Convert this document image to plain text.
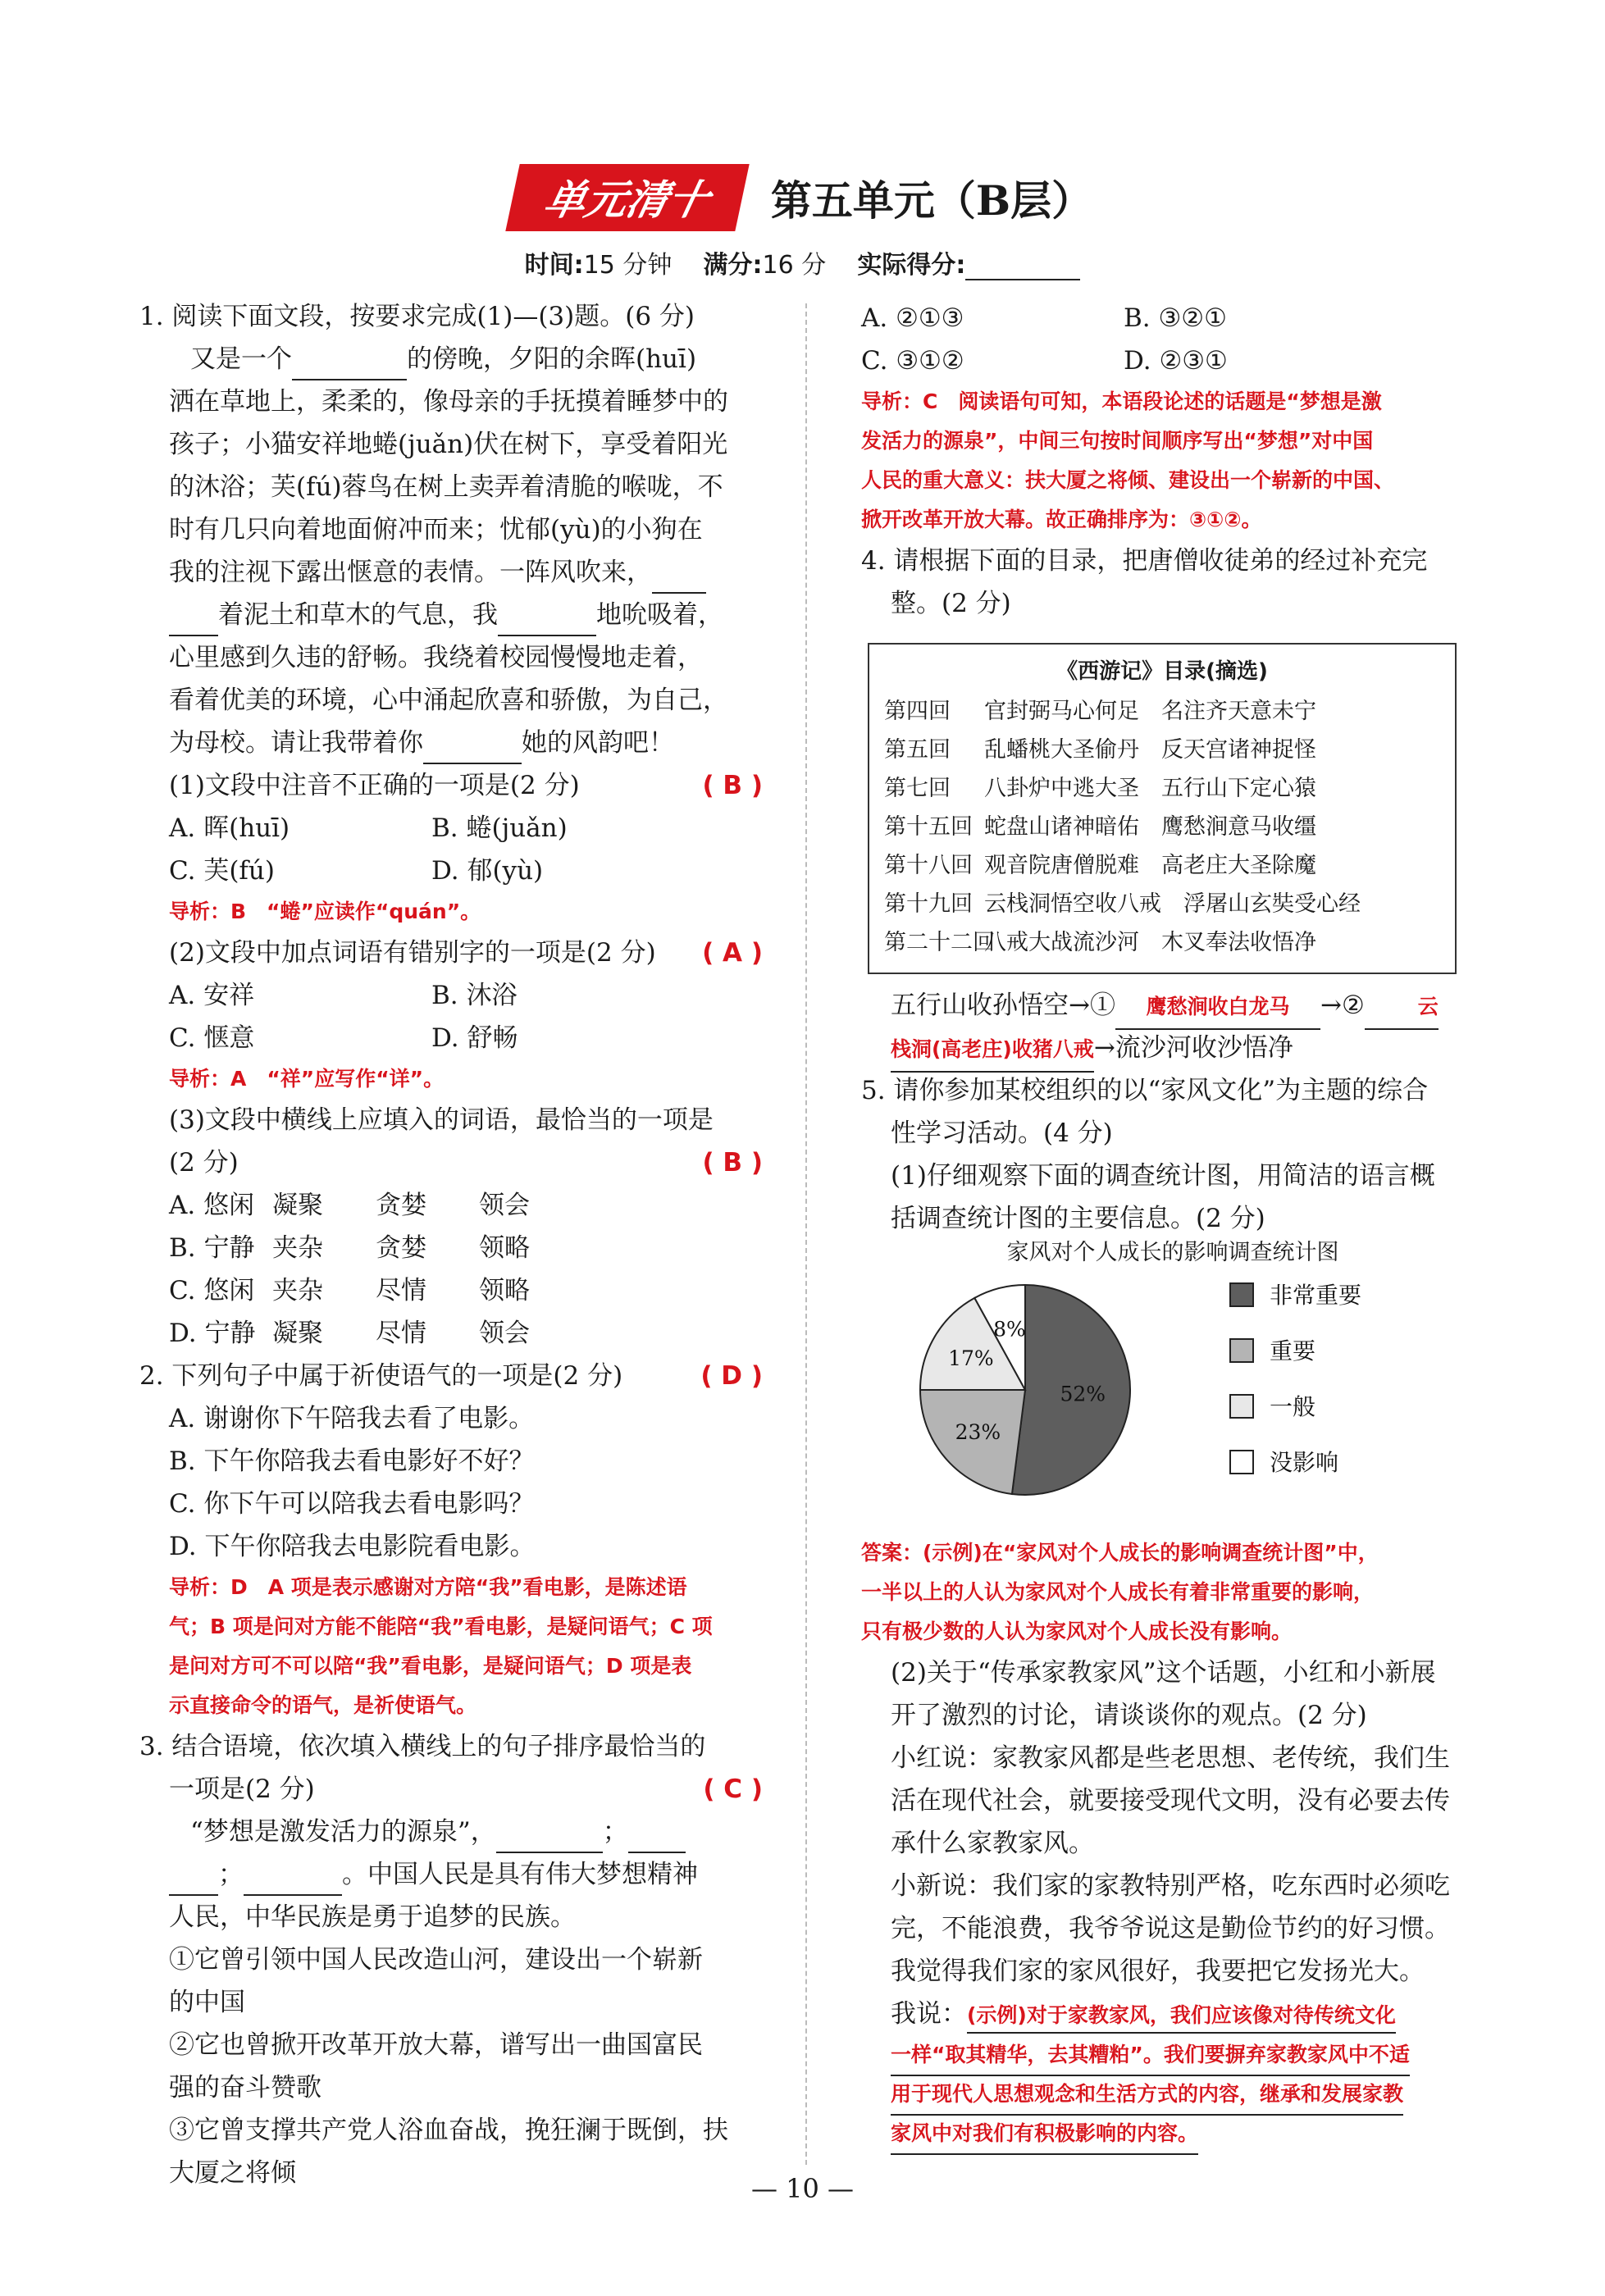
单元清十 第五单元（B层）
时间:15 分钟 满分:16 分 实际得分:
1. 阅读下面文段，按要求完成(1)—(3)题。(6 分)
又是一个	的傍晚，夕阳的余晖(huī)
洒在草地上，柔柔的，像母亲的手抚摸着睡梦中的
孩子；小猫安祥地蜷(juǎn)伏在树下，享受着阳光
的沐浴；芙(fú)蓉鸟在树上卖弄着清脆的喉咙，不
时有几只向着地面俯冲而来；忧郁(yù)的小狗在
我的注视下露出惬意的表情。一阵风吹来，
着泥土和草木的气息，我	地吮吸着，
心里感到久违的舒畅。我绕着校园慢慢地走着，
看着优美的环境，心中涌起欣喜和骄傲，为自己，
为母校。请让我带着你	她的风韵吧！
(1)文段中注音不正确的一项是(2 分)	( B )
A. 晖(huī)	B. 蜷(juǎn)
C. 芙(fú)	D. 郁(yù)
导析：B　“蜷”应读作“quán”。
(2)文段中加点词语有错别字的一项是(2 分) ( A )
A. 安祥	B. 沐浴
C. 惬意	D. 舒畅
导析：A　“祥”应写作“详”。
(3)文段中横线上应填入的词语，最恰当的一项是
(2 分)	( B )
A. 悠闲 凝聚 贪婪 领会
B. 宁静 夹杂 贪婪 领略
C. 悠闲 夹杂 尽情 领略
D. 宁静 凝聚 尽情 领会
2. 下列句子中属于祈使语气的一项是(2 分)	( D )
A. 谢谢你下午陪我去看了电影。
B. 下午你陪我去看电影好不好？
C. 你下午可以陪我去看电影吗？
D. 下午你陪我去电影院看电影。
导析：D　A 项是表示感谢对方陪“我”看电影，是陈述语
气；B 项是问对方能不能陪“我”看电影，是疑问语气；C 项
是问对方可不可以陪“我”看电影，是疑问语气；D 项是表
示直接命令的语气，是祈使语气。
3. 结合语境，依次填入横线上的句子排序最恰当的
一项是(2 分)	( C )
“梦想是激发活力的源泉”，	；
；	。中国人民是具有伟大梦想精神
人民，中华民族是勇于追梦的民族。
①它曾引领中国人民改造山河，建设出一个崭新
的中国
②它也曾掀开改革开放大幕，谱写出一曲国富民
强的奋斗赞歌
③它曾支撑共产党人浴血奋战，挽狂澜于既倒，扶
大厦之将倾
A. ②①③	B. ③②①
C. ③①②	D. ②③①
导析：C　阅读语句可知，本语段论述的话题是“梦想是激
发活力的源泉”，中间三句按时间顺序写出“梦想”对中国
人民的重大意义：扶大厦之将倾、建设出一个崭新的中国、
掀开改革开放大幕。故正确排序为：③①②。
4. 请根据下面的目录，把唐僧收徒弟的经过补充完
整。(2 分)
《西游记》目录(摘选)
第四回 官封弼马心何足　名注齐天意未宁
第五回 乱蟠桃大圣偷丹　反天宫诸神捉怪
第七回 八卦炉中逃大圣　五行山下定心猿
第十五回 蛇盘山诸神暗佑　鹰愁涧意马收缰
第十八回 观音院唐僧脱难　高老庄大圣除魔
第十九回 云栈洞悟空收八戒　浮屠山玄奘受心经
第二十二回八戒大战流沙河　木叉奉法收悟净
五行山收孙悟空→① 鹰愁涧收白龙马 →②	云
栈洞(高老庄)收猪八戒→流沙河收沙悟净
5. 请你参加某校组织的以“家风文化”为主题的综合
性学习活动。(4 分)
(1)仔细观察下面的调查统计图，用简洁的语言概
括调查统计图的主要信息。(2 分)
家风对个人成长的影响调查统计图
52%
23%
17%
8%
非常重要
重要
一般
没影响
答案：(示例)在“家风对个人成长的影响调查统计图”中，
一半以上的人认为家风对个人成长有着非常重要的影响，
只有极少数的人认为家风对个人成长没有影响。
(2)关于“传承家教家风”这个话题，小红和小新展
开了激烈的讨论，请谈谈你的观点。(2 分)
小红说：家教家风都是些老思想、老传统，我们生
活在现代社会，就要接受现代文明，没有必要去传
承什么家教家风。
小新说：我们家的家教特别严格，吃东西时必须吃
完，不能浪费，我爷爷说这是勤俭节约的好习惯。
我觉得我们家的家风很好，我要把它发扬光大。
我说：(示例)对于家教家风，我们应该像对待传统文化
一样“取其精华，去其糟粕”。我们要摒弃家教家风中不适
用于现代人思想观念和生活方式的内容，继承和发展家教
家风中对我们有积极影响的内容。
— 10 —
